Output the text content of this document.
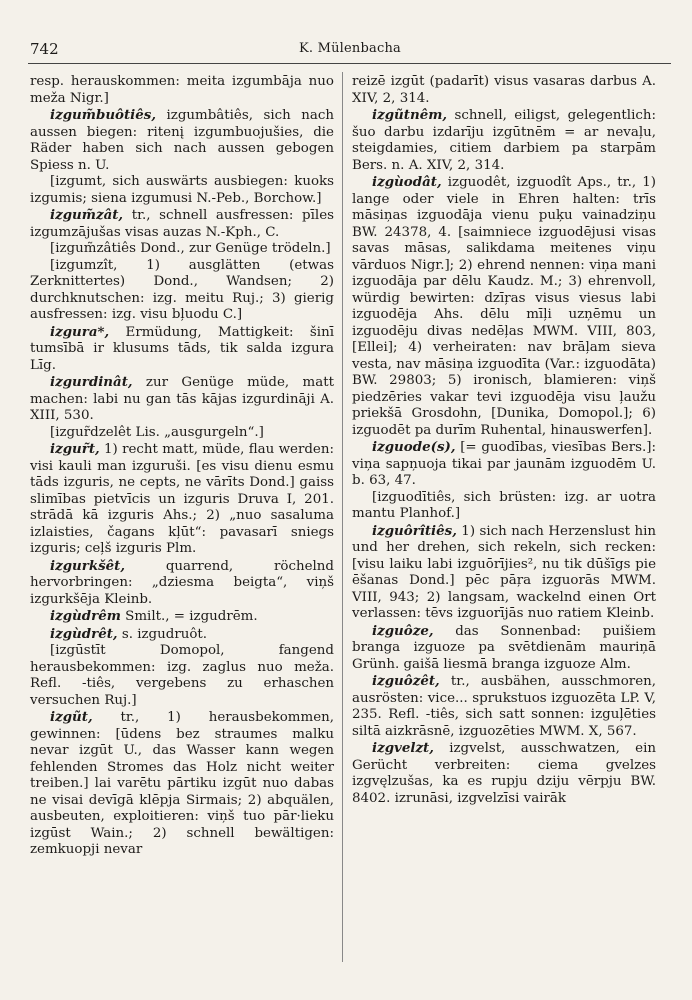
742	K. Mülenbacha

resp. herauskommen: meita izgumbāja nuo meža Nigr.]

izgum̃buôtiês, izgumbâtiês, sich nach aussen biegen: ritenį izgumbuojušies, die Räder haben sich nach aussen gebogen Spiess n. U.

[izgumt, sich auswärts ausbiegen: kuoks izgumis; siena izgumusi N.-Peb., Borchow.]

izgum̃zât, tr., schnell ausfressen: pīles izgumzājušas visas auzas N.-Kph., C.

[izgum̃zâtiês Dond., zur Genüge trödeln.]

[izgumzît, 1) ausglätten (etwas Zerknittertes) Dond., Wandsen; 2) durchknutschen: izg. meitu Ruj.; 3) gierig ausfressen: izg. visu bļuodu C.]

izgura*, Ermüdung, Mattigkeit: šinī tumsībā ir klusums tāds, tik salda izgura Līg.

izgurdinât, zur Genüge müde, matt machen: labi nu gan tās kājas izgurdināji A. XIII, 530.

[izgur̃dzelêt Lis. „ausgurgeln“.]

izgur̃t, 1) recht matt, müde, flau werden: visi kauli man izguruši. [es visu dienu esmu tāds izguris, ne cepts, ne vārīts Dond.] gaiss slimības pietvīcis un izguris Druva I, 201. strādā kā izguris Ahs.; 2) „nuo sasaluma izlaisties, čagans kļūt“: pavasarī sniegs izguris; ceļš izguris Plm.

izgurkšêt, quarrend, röchelnd hervorbringen: „dziesma beigta“, viņš izgurkšēja Kleinb.

izgùdrêm Smilt., = izgudrēm.

izgùdrêt, s. izgudruôt.

[izgūstīt Domopol, fangend herausbekommen: izg. zaglus nuo meža. Refl. -tiês, vergebens zu erhaschen versuchen Ruj.]

izgũt, tr., 1) herausbekommen, gewinnen: [ūdens bez straumes malku nevar izgūt U., das Wasser kann wegen fehlenden Stromes das Holz nicht weiter treiben.] lai varētu pārtiku izgūt nuo dabas ne visai devīgā klēpja Sirmais; 2) abquälen, ausbeuten, exploitieren: viņš tuo pār·lieku izgūst Wain.; 2) schnell bewältigen: zemkuopji nevar

reizē izgūt (padarīt) visus vasaras darbus A. XIV, 2, 314.

izgũtnêm, schnell, eiligst, gelegentlich: šuo darbu izdarīju izgūtnēm = ar nevaļu, steigdamies, citiem darbiem pa starpām Bers. n. A. XIV, 2, 314.

izgùodât, izguodêt, izguodît Aps., tr., 1) lange oder viele in Ehren halten: trīs māsiņas izguodāja vienu puķu vainadziņu BW. 24378, 4. [saimniece izguodējusi visas savas māsas, salikdama meitenes viņu vārduos Nigr.]; 2) ehrend nennen: viņa mani izguodāja par dēlu Kaudz. M.; 3) ehrenvoll, würdig bewirten: dzīŗas visus viesus labi izguodēja Ahs. dēlu mīļi uzņēmu un izguodēju divas nedēļas MWM. VIII, 803, [Ellei]; 4) verheiraten: nav brāļam sieva vesta, nav māsiņa izguodīta (Var.: izguodāta) BW. 29803; 5) ironisch, blamieren: viņš piedzēries vakar tevi izguodēja visu ļaužu priekšā Grosdohn, [Dunika, Domopol.]; 6) izguodēt pa durīm Ruhental, hinauswerfen].

izguode(s), [= guodības, viesības Bers.]: viņa sapņuoja tikai par jaunām izguodēm U. b. 63, 47.

[izguodītiês, sich brüsten: izg. ar uotra mantu Planhof.]

izguôrîtiês, 1) sich nach Herzenslust hin und her drehen, sich rekeln, sich recken: [visu laiku labi izguōrījies², nu tik dūšīgs pie ēšanas Dond.] pēc pāŗa izguorās MWM. VIII, 943; 2) langsam, wackelnd einen Ort verlassen: tēvs izguorījās nuo ratiem Kleinb.

izguôze, das Sonnenbad: puišiem branga izguoze pa svētdienām mauriņā Grünh. gaišā liesmā branga izguoze Alm.

izguôzêt, tr., ausbähen, ausschmoren, ausrösten: vice... sprukstuos izguozēta LP. V, 235. Refl. -tiês, sich satt sonnen: izguļēties siltā aizkrāsnē, izguozēties MWM. X, 567.

izgvelzt, izgvelst, ausschwatzen, ein Gerücht verbreiten: ciema gvelzes izgvęlzušas, ka es rupju dziju vērpju BW. 8402. izrunāsi, izgvelzīsi vairāk
